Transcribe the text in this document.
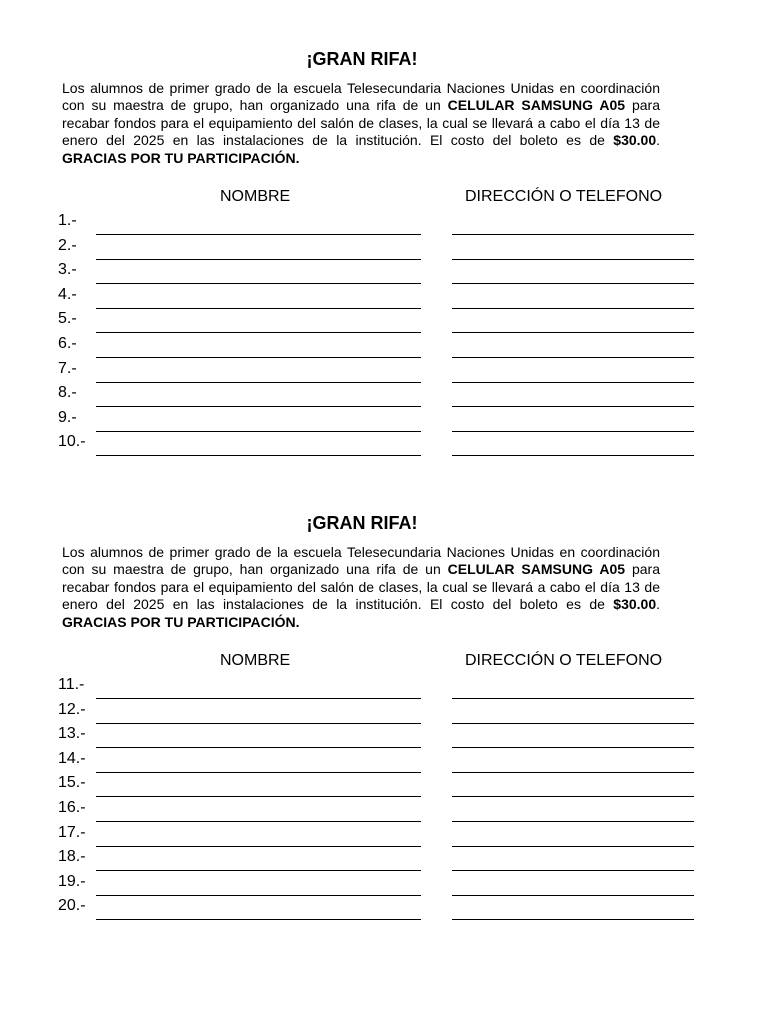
¡GRAN RIFA!
Los alumnos de primer grado de la escuela Telesecundaria Naciones Unidas en coordinación con su maestra de grupo, han organizado una rifa de un CELULAR SAMSUNG A05 para recabar fondos para el equipamiento del salón de clases, la cual se llevará a cabo el día 13 de enero del 2025 en las instalaciones de la institución. El costo del boleto es de $30.00. GRACIAS POR TU PARTICIPACIÓN.
NOMBRE	DIRECCIÓN O TELEFONO
1.-
2.-
3.-
4.-
5.-
6.-
7.-
8.-
9.-
10.-
¡GRAN RIFA!
Los alumnos de primer grado de la escuela Telesecundaria Naciones Unidas en coordinación con su maestra de grupo, han organizado una rifa de un CELULAR SAMSUNG A05 para recabar fondos para el equipamiento del salón de clases, la cual se llevará a cabo el día 13 de enero del 2025 en las instalaciones de la institución. El costo del boleto es de $30.00. GRACIAS POR TU PARTICIPACIÓN.
NOMBRE	DIRECCIÓN O TELEFONO
11.-
12.-
13.-
14.-
15.-
16.-
17.-
18.-
19.-
20.-
